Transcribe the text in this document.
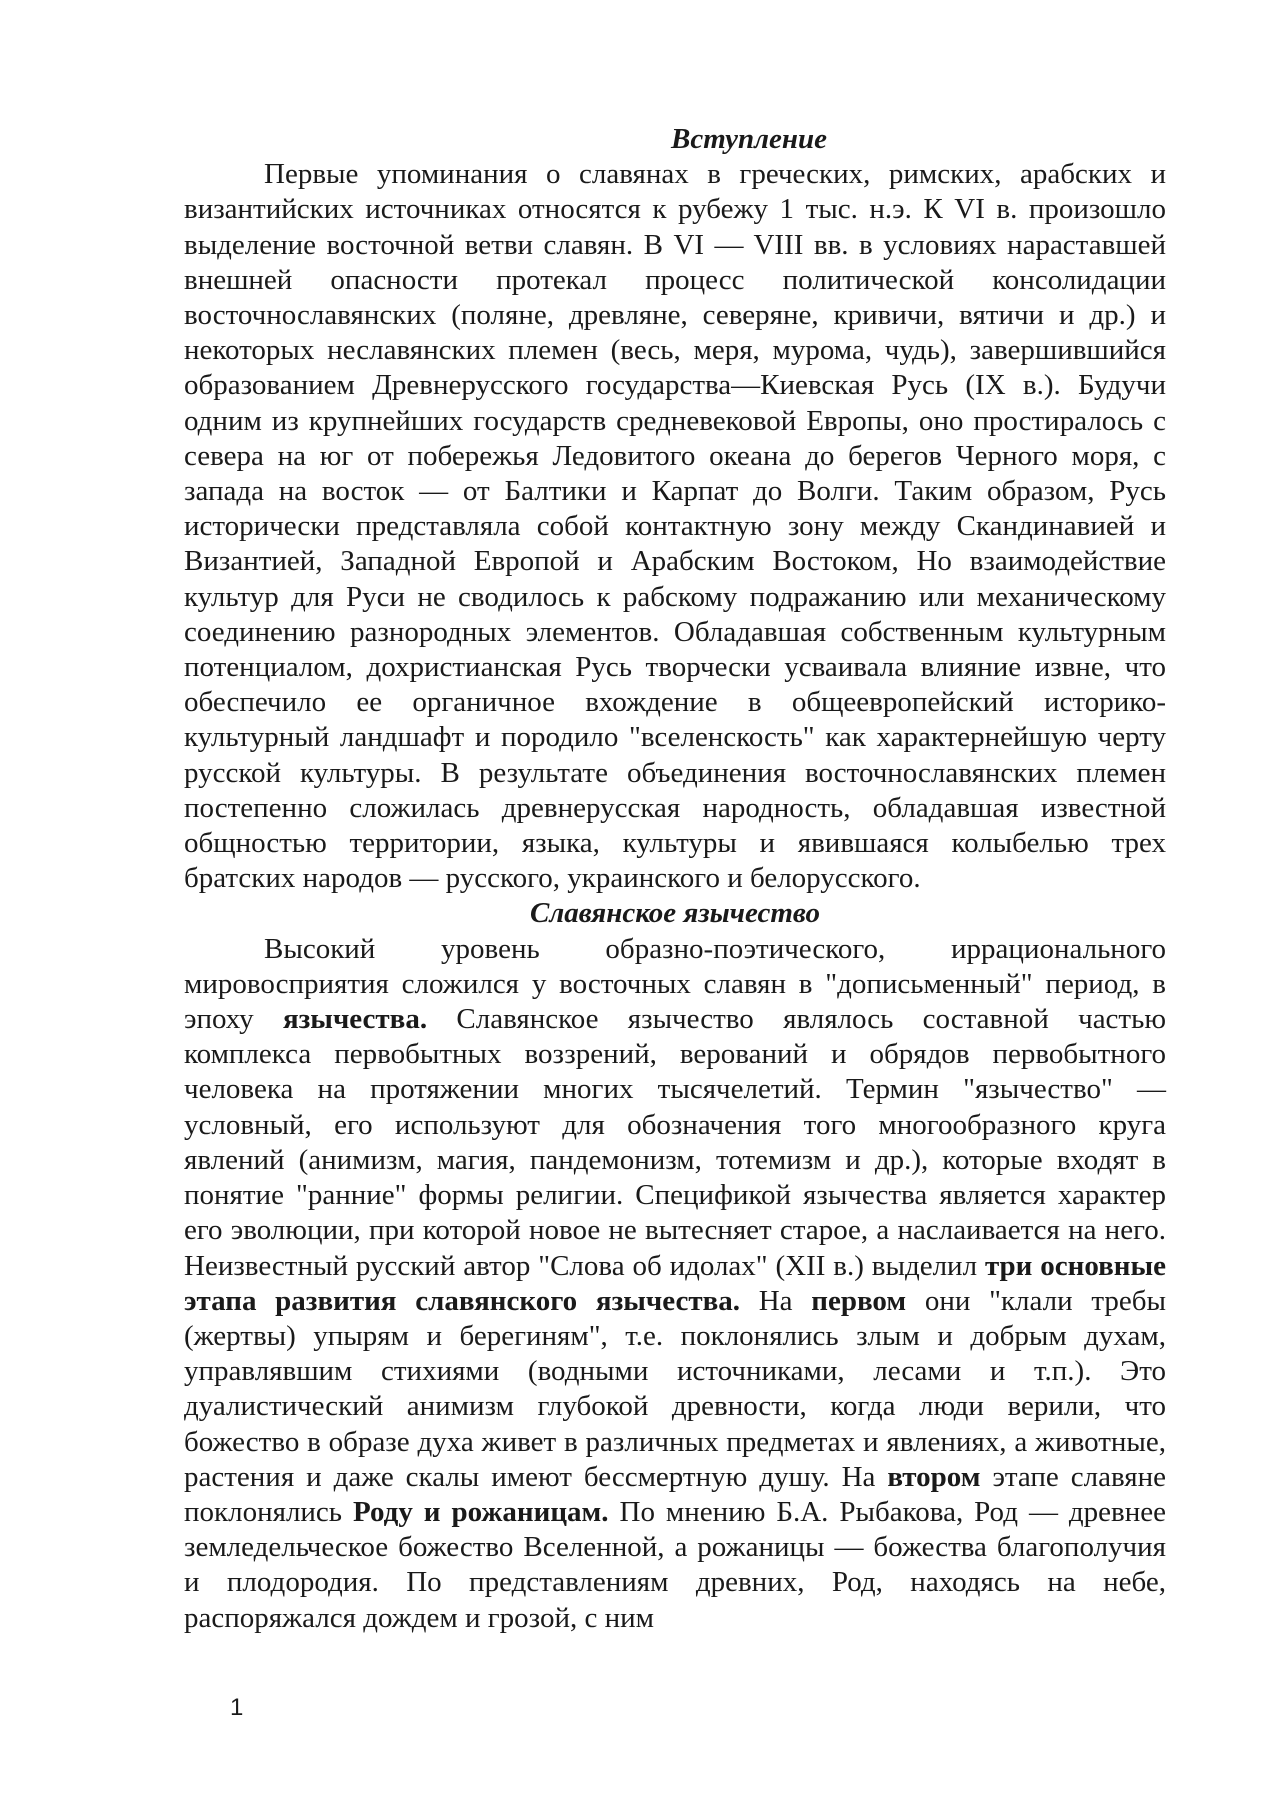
Вступление

Первые упоминания о славянах в греческих, римских, арабских и византийских источниках относятся к рубежу 1 тыс. н.э. К VI в. произошло выделение восточной ветви славян. В VI — VIII вв. в условиях нараставшей внешней опасности протекал процесс политической консолидации восточнославянских (поляне, древляне, северяне, кривичи, вятичи и др.) и некоторых неславянских племен (весь, меря, мурома, чудь), завершившийся образованием Древнерусского государства—Киевская Русь (IX в.). Будучи одним из крупнейших государств средневековой Европы, оно простиралось с севера на юг от побережья Ледовитого океана до берегов Черного моря, с запада на восток — от Балтики и Карпат до Волги. Таким образом, Русь исторически представляла собой контактную зону между Скандинавией и Византией, Западной Европой и Арабским Востоком, Но взаимодействие культур для Руси не сводилось к рабскому подражанию или механическому соединению разнородных элементов. Обладавшая собственным культурным потенциалом, дохристианская Русь творчески усваивала влияние извне, что обеспечило ее органичное вхождение в общеевропейский историко-культурный ландшафт и породило "вселенскость" как характернейшую черту русской культуры. В результате объединения восточнославянских племен постепенно сложилась древнерусская народность, обладавшая известной общностью территории, языка, культуры и явившаяся колыбелью трех братских народов — русского, украинского и белорусского.

Славянское язычество

Высокий уровень образно-поэтического, иррационального мировосприятия сложился у восточных славян в "дописьменный" период, в эпоху язычества. Славянское язычество являлось составной частью комплекса первобытных воззрений, верований и обрядов первобытного человека на протяжении многих тысячелетий. Термин "язычество" — условный, его используют для обозначения того многообразного круга явлений (анимизм, магия, пандемонизм, тотемизм и др.), которые входят в понятие "ранние" формы религии. Спецификой язычества является характер его эволюции, при которой новое не вытесняет старое, а наслаивается на него. Неизвестный русский автор "Слова об идолах" (XII в.) выделил три основные этапа развития славянского язычества. На первом они "клали требы (жертвы) упырям и берегиням", т.е. поклонялись злым и добрым духам, управлявшим стихиями (водными источниками, лесами и т.п.). Это дуалистический анимизм глубокой древности, когда люди верили, что божество в образе духа живет в различных предметах и явлениях, а животные, растения и даже скалы имеют бессмертную душу. На втором этапе славяне поклонялись Роду и рожаницам. По мнению Б.А. Рыбакова, Род — древнее земледельческое божество Вселенной, а рожаницы — божества благополучия и плодородия. По представлениям древних, Род, находясь на небе, распоряжался дождем и грозой, с ним

1
